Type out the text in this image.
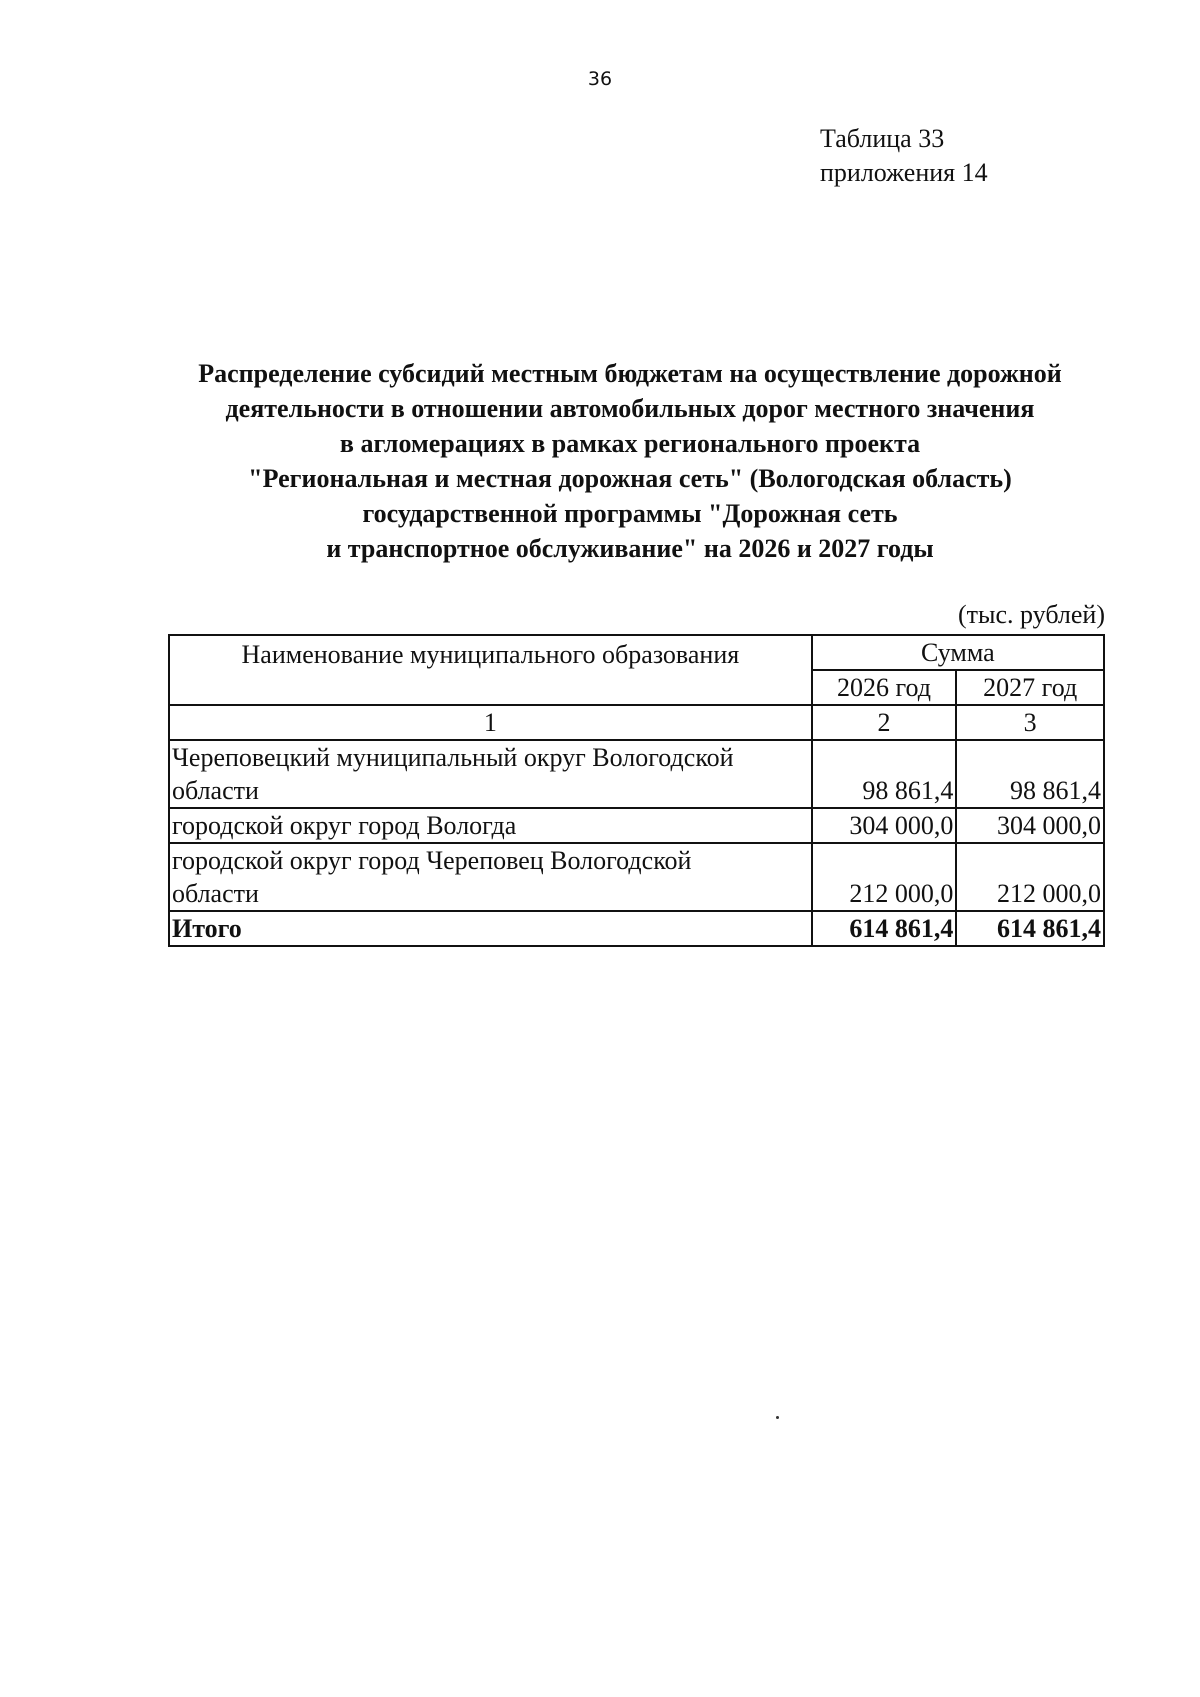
36
Таблица 33
приложения 14
Распределение субсидий местным бюджетам на осуществление дорожной
деятельности в отношении автомобильных дорог местного значения
в агломерациях в рамках регионального проекта
"Региональная и местная дорожная сеть" (Вологодская область)
государственной программы "Дорожная сеть
и транспортное обслуживание" на 2026 и 2027 годы
(тыс. рублей)
Наименование муниципального образования	Сумма	
	2026 год	2027 год
1	2	3
Череповецкий муниципальный округ Вологодской
области	98 861,4	98 861,4
городской округ город Вологда	304 000,0	304 000,0
городской округ город Череповец Вологодской
области	212 000,0	212 000,0
Итого	614 861,4	614 861,4
